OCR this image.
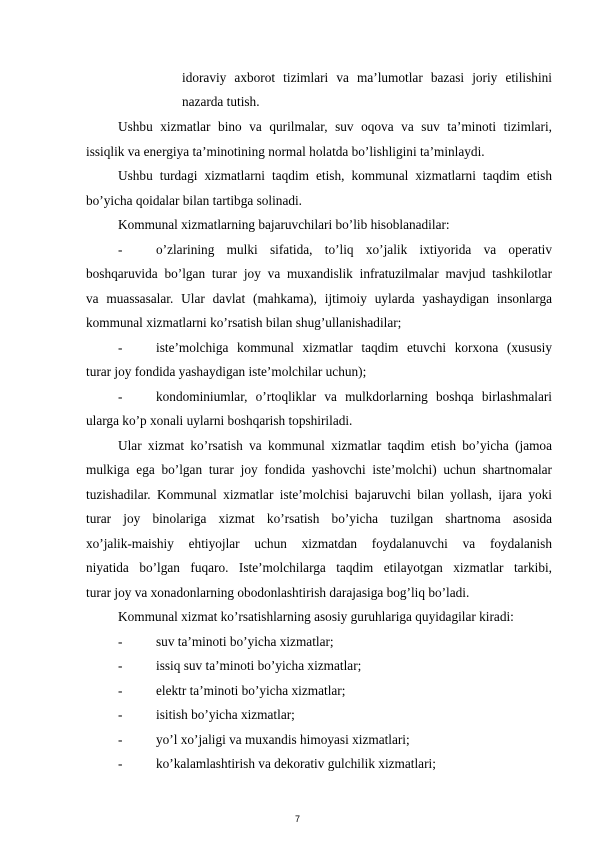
idoraviy axborot tizimlari va ma’lumotlar bazasi joriy etilishini
nazarda tutish.
Ushbu xizmatlar bino va qurilmalar, suv oqova va suv ta’minoti tizimlari,
issiqlik va energiya ta’minotining normal holatda bo’lishligini ta’minlaydi.
Ushbu turdagi xizmatlarni taqdim etish, kommunal xizmatlarni taqdim etish
bo’yicha qoidalar bilan tartibga solinadi.
Kommunal xizmatlarning bajaruvchilari bo’lib hisoblanadilar:
-	o’zlarining mulki sifatida, to’liq xo’jalik ixtiyorida va operativ
boshqaruvida bo’lgan turar joy va muxandislik infratuzilmalar mavjud tashkilotlar
va muassasalar. Ular davlat (mahkama), ijtimoiy uylarda yashaydigan insonlarga
kommunal xizmatlarni ko’rsatish bilan shug’ullanishadilar;
-	iste’molchiga kommunal xizmatlar taqdim etuvchi korxona (xususiy
turar joy fondida yashaydigan iste’molchilar uchun);
-	kondominiumlar, o’rtoqliklar va mulkdorlarning boshqa birlashmalari
ularga ko’p xonali uylarni boshqarish topshiriladi.
Ular xizmat ko’rsatish va kommunal xizmatlar taqdim etish bo’yicha (jamoa
mulkiga ega bo’lgan turar joy fondida yashovchi iste’molchi) uchun shartnomalar
tuzishadilar. Kommunal xizmatlar iste’molchisi bajaruvchi bilan yollash, ijara yoki
turar joy binolariga xizmat ko’rsatish bo’yicha tuzilgan shartnoma asosida
xo’jalik-maishiy ehtiyojlar uchun xizmatdan foydalanuvchi va foydalanish
niyatida bo’lgan fuqaro. Iste’molchilarga taqdim etilayotgan xizmatlar tarkibi,
turar joy va xonadonlarning obodonlashtirish darajasiga bog’liq bo’ladi.
Kommunal xizmat ko’rsatishlarning asosiy guruhlariga quyidagilar kiradi:
-	suv ta’minoti bo’yicha xizmatlar;
-	issiq suv ta’minoti bo’yicha xizmatlar;
-	elektr ta’minoti bo’yicha xizmatlar;
-	isitish bo’yicha xizmatlar;
-	yo’l xo’jaligi va muxandis himoyasi xizmatlari;
-	ko’kalamlashtirish va dekorativ gulchilik xizmatlari;
7
